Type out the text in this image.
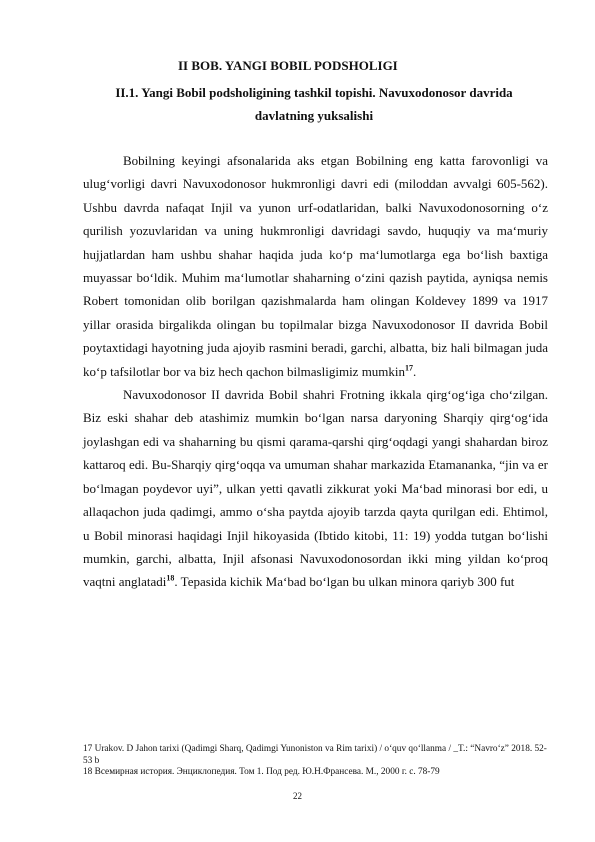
II BOB. YANGI BOBIL PODSHOLIGI
II.1. Yangi Bobil podsholigining tashkil topishi. Navuxodonosor davrida davlatning yuksalishi

Bobilning keyingi afsonalarida aks etgan Bobilning eng katta farovonligi va ulug‘vorligi davri Navuxodonosor hukmronligi davri edi (miloddan avvalgi 605-562). Ushbu davrda nafaqat Injil va yunon urf-odatlaridan, balki Navuxodonosorning o‘z qurilish yozuvlaridan va uning hukmronligi davridagi savdo, huquqiy va ma‘muriy hujjatlardan ham ushbu shahar haqida juda ko‘p ma‘lumotlarga ega bo‘lish baxtiga muyassar bo‘ldik. Muhim ma‘lumotlar shaharning o‘zini qazish paytida, ayniqsa nemis Robert tomonidan olib borilgan qazishmalarda ham olingan Koldevey 1899 va 1917 yillar orasida birgalikda olingan bu topilmalar bizga Navuxodonosor II davrida Bobil poytaxtidagi hayotning juda ajoyib rasmini beradi, garchi, albatta, biz hali bilmagan juda ko‘p tafsilotlar bor va biz hech qachon bilmasligimiz mumkin$^{17}$.

Navuxodonosor II davrida Bobil shahri Frotning ikkala qirg‘og‘iga cho‘zilgan. Biz eski shahar deb atashimiz mumkin bo‘lgan narsa daryoning Sharqiy qirg‘og‘ida joylashgan edi va shaharning bu qismi qarama-qarshi qirg‘oqdagi yangi shahardan biroz kattaroq edi. Bu-Sharqiy qirg‘oqqa va umuman shahar markazida Etamananka, “jin va er bo‘lmagan poydevor uyi”, ulkan yetti qavatli zikkurat yoki Ma‘bad minorasi bor edi, u allaqachon juda qadimgi, ammo o‘sha paytda ajoyib tarzda qayta qurilgan edi. Ehtimol, u Bobil minorasi haqidagi Injil hikoyasida (Ibtido kitobi, 11: 19) yodda tutgan bo‘lishi mumkin, garchi, albatta, Injil afsonasi Navuxodonosordan ikki ming yildan ko‘proq vaqtni anglatadi$^{18}$. Tepasida kichik Ma‘bad bo‘lgan bu ulkan minora qariyb 300 fut

17 Urakov. D Jahon tarixi (Qadimgi Sharq, Qadimgi Yunoniston va Rim tarixi) / o‘quv qo‘llanma / _T.: “Navro‘z” 2018. 52-53 b
18 Всемирная история. Энциклопедия. Том 1. Под ред. Ю.Н.Франсева. М., 2000 г. с. 78-79
22
